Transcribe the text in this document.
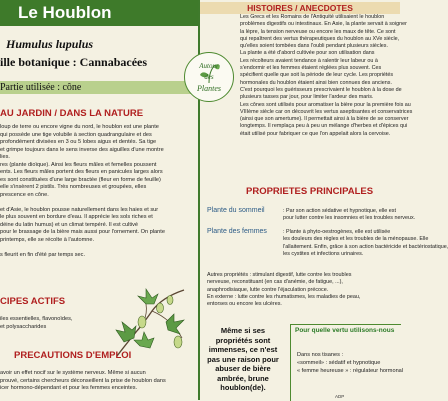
Le Houblon
Humulus lupulus
ille botanique : Cannabacées
Partie utilisée : cône
AU JARDIN / DANS LA NATURE
loup de terre ou encore vigne du nord, le houblon est une plante
qui possède une tige volubile à section quadrangulaire et des
profondément divisées en 3 ou 5 lobes aigus et dentés. Sa tige
et grimpe toujours dans le sens inverse des aiguilles d'une montre
lies.
res (plante dioïque). Ainsi les fleurs mâles et femelles poussent
ents. Les fleurs mâles portent des fleurs en panicules larges alors
es sont constituées d'une large bractée (fleur en forme de feuille)
elle s'insèrent 2 pistils. Très nombreuses et groupées, elles
prescence en cône.

et d'Asie, le houblon pousse naturellement dans les haies et sur
le plus souvent en bordure d'eau. Il apprécie les sols riches et
déine du latin humus) et un climat tempéré. Il est cultivé
pour le brassage de la bière mais aussi pour l'ornement. On plante
printemps, elle se récolte à l'automne.

s fleurit en fin d'été par temps sec.
CIPES ACTIFS
iles essentielles, flavonoïdes,
et polysaccharides
PRECAUTIONS D'EMPLOI
avoir un effet nocif sur le système nerveux. Même si aucun
prouvé, certains chercheurs déconseillent la prise de houblon dans
icer hormono-dépendant et pour les femmes enceintes.
Autour
des
Plantes
HISTOIRES / ANECDOTES
Les Grecs et les Romains de l'Antiquité utilisaient le houblon
problèmes digestifs ou intestinaux. En Asie, la plante servait à soigner
la lèpre, la tension nerveuse ou encore les maux de tête. Ce sont
qui repaîtrent des vertus thérapeutiques du houblon au XVe siècle,
qu'elles soient tombées dans l'oubli pendant plusieurs siècles.
La plante a été d'abord cultivée pour son utilisation dans
Les récolteurs avaient tendance à ralentir leur labeur ou à
s'endormir et les femmes étaient réglées plus souvent. Ces
spécifient quelle que soit la période de leur cycle. Les propriétés
hormonales du houblon étaient ainsi bien connues des anciens.
C'est pourquoi les guérisseurs prescrivaient le houblon à la dose de
plusieurs tasses par jour, pour limiter l'ardeur des maris.
Les cônes sont utilisés pour aromatiser la bière pour la première fois au
VIIIème siècle car on découvrit les vertus aseptisantes et conservatrices
(ainsi que son amertume). Il permettait ainsi à la bière de se conserver
longtemps. Il remplaça peu à peu un mélange d'herbes et d'épices qui
était utilisé pour fabriquer ce que l'on appelait alors la cervoise.
PROPRIETES PRINCIPALES
Plante du sommeil	: Par son action sédative et hypnotique, elle est
pour lutter contre les insomnies et les troubles nerveux.
Plante des femmes	: Plante à phyto-oestrogènes, elle est utilisée
les douleurs des règles et les troubles de la ménopause. Elle
l'allaitement. Enfin, grâce à son action bactéricide et bactériostatique,
les cystites et infections urinaires.
Autres propriétés : stimulant digestif, lutte contre les troubles
nerveuse, reconstituant (en cas d'anémie, de fatigue, ...),
anaphrodisiaque, lutte contre l'éjaculation précoce.
En externe : lutte contre les rhumatismes, les maladies de peau,
entorses ou encore les ulcères.
Même si ses propriétés sont immenses, ce n'est pas une raison pour abuser de bière ambrée, brune houblon(de).
Pour quelle vertu utilisons-nous
Dans nos tisanes :
«sommeil» : sédatif et hypnotique
« femme heureuse » : régulateur hormonal
ADP
